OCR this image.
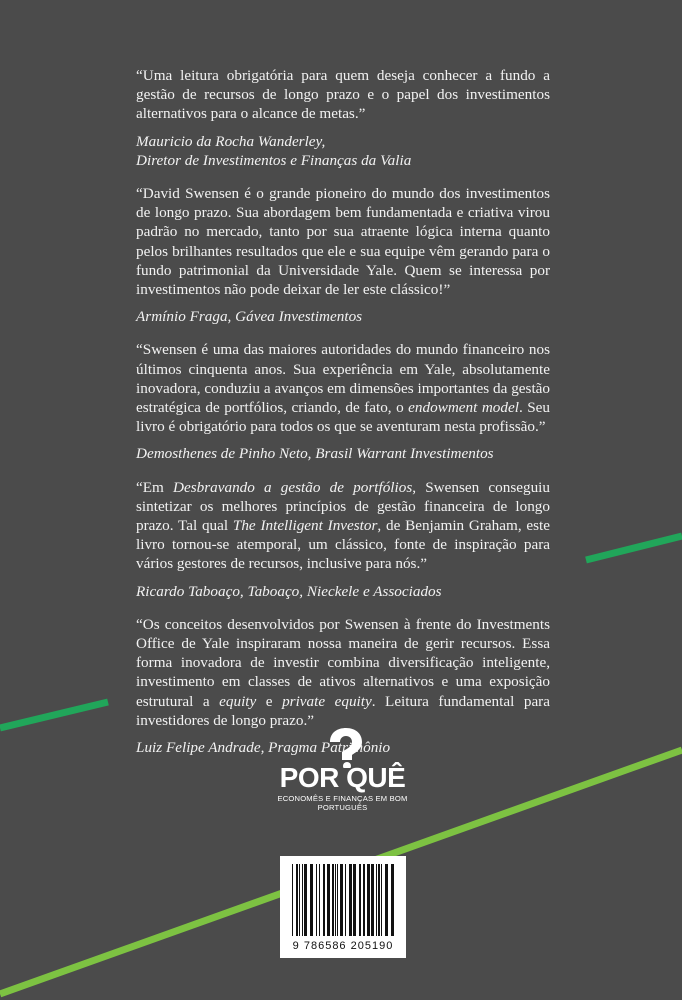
“Uma leitura obrigatória para quem deseja conhecer a fundo a gestão de recursos de longo prazo e o papel dos investimentos alternativos para o alcance de metas.”

Mauricio da Rocha Wanderley,
Diretor de Investimentos e Finanças da Valia

“David Swensen é o grande pioneiro do mundo dos investimentos de longo prazo. Sua abordagem bem fundamentada e criativa virou padrão no mercado, tanto por sua atraente lógica interna quanto pelos brilhantes resultados que ele e sua equipe vêm gerando para o fundo patrimonial da Universidade Yale. Quem se interessa por investimentos não pode deixar de ler este clássico!”

Armínio Fraga, Gávea Investimentos

“Swensen é uma das maiores autoridades do mundo financeiro nos últimos cinquenta anos. Sua experiência em Yale, absolutamente inovadora, conduziu a avanços em dimensões importantes da gestão estratégica de portfólios, criando, de fato, o endowment model. Seu livro é obrigatório para todos os que se aventuram nesta profissão.”

Demosthenes de Pinho Neto, Brasil Warrant Investimentos

“Em Desbravando a gestão de portfólios, Swensen conseguiu sintetizar os melhores princípios de gestão financeira de longo prazo. Tal qual The Intelligent Investor, de Benjamin Graham, este livro tornou-se atemporal, um clássico, fonte de inspiração para vários gestores de recursos, inclusive para nós.”

Ricardo Taboaço, Taboaço, Nieckele e Associados

“Os conceitos desenvolvidos por Swensen à frente do Investments Office de Yale inspiraram nossa maneira de gerir recursos. Essa forma inovadora de investir combina diversificação inteligente, investimento em classes de ativos alternativos e uma exposição estrutural a equity e private equity. Leitura fundamental para investidores de longo prazo.”

Luiz Felipe Andrade, Pragma Patrimônio

POR QUÊ
ECONOMÊS E FINANÇAS EM BOM PORTUGUÊS
9 786586 205190
